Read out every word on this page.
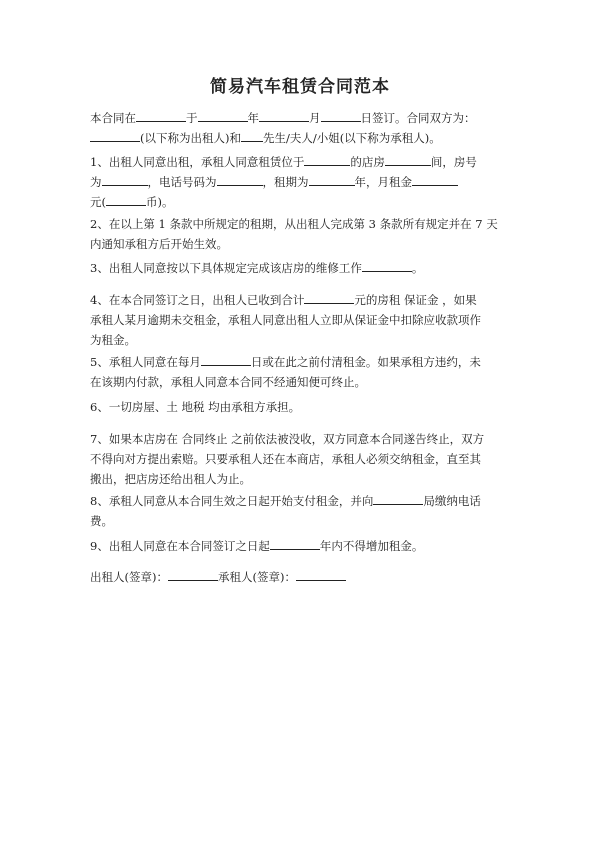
简易汽车租赁合同范本
本合同在	于	年	月	日签订。合同双方为：
(以下称为出租人)和 先生/夫人/小姐(以下称为承租人)。
1、出租人同意出租，承租人同意租赁位于	的店房	间，房号
为	，电话号码为	，租期为	年，月租金
元(	币)。
2、在以上第 1 条款中所规定的租期，从出租人完成第 3 条款所有规定并在 7 天
内通知承租方后开始生效。
3、出租人同意按以下具体规定完成该店房的维修工作	。
4、在本合同签订之日，出租人已收到合计	元的房租 保证金 ，如果
承租人某月逾期未交租金，承租人同意出租人立即从保证金中扣除应收款项作
为租金。
5、承租人同意在每月	日或在此之前付清租金。如果承租方违约，未
在该期内付款，承租人同意本合同不经通知便可终止。
6、一切房屋、土 地税 均由承租方承担。
7、如果本店房在 合同终止 之前依法被没收，双方同意本合同遂告终止，双方
不得向对方提出索赔。只要承租人还在本商店，承租人必须交纳租金，直至其
搬出，把店房还给出租人为止。
8、承租人同意从本合同生效之日起开始支付租金，并向	局缴纳电话
费。
9、出租人同意在本合同签订之日起	年内不得增加租金。
出租人(签章)：	承租人(签章)：
